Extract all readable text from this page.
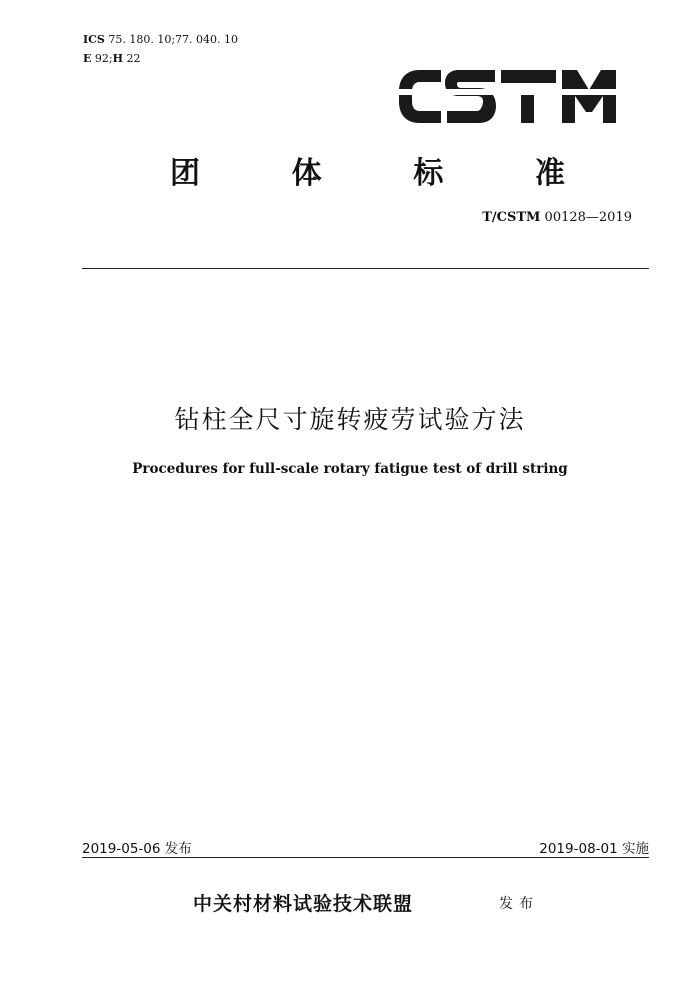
ICS 75. 180. 10;77. 040. 10
E 92;H 22
团	体	标	准
T/CSTM 00128—2019
钻柱全尺寸旋转疲劳试验方法
Procedures for full-scale rotary fatigue test of drill string
2019-05-06 发布	2019-08-01 实施
中关村材料试验技术联盟	发布
